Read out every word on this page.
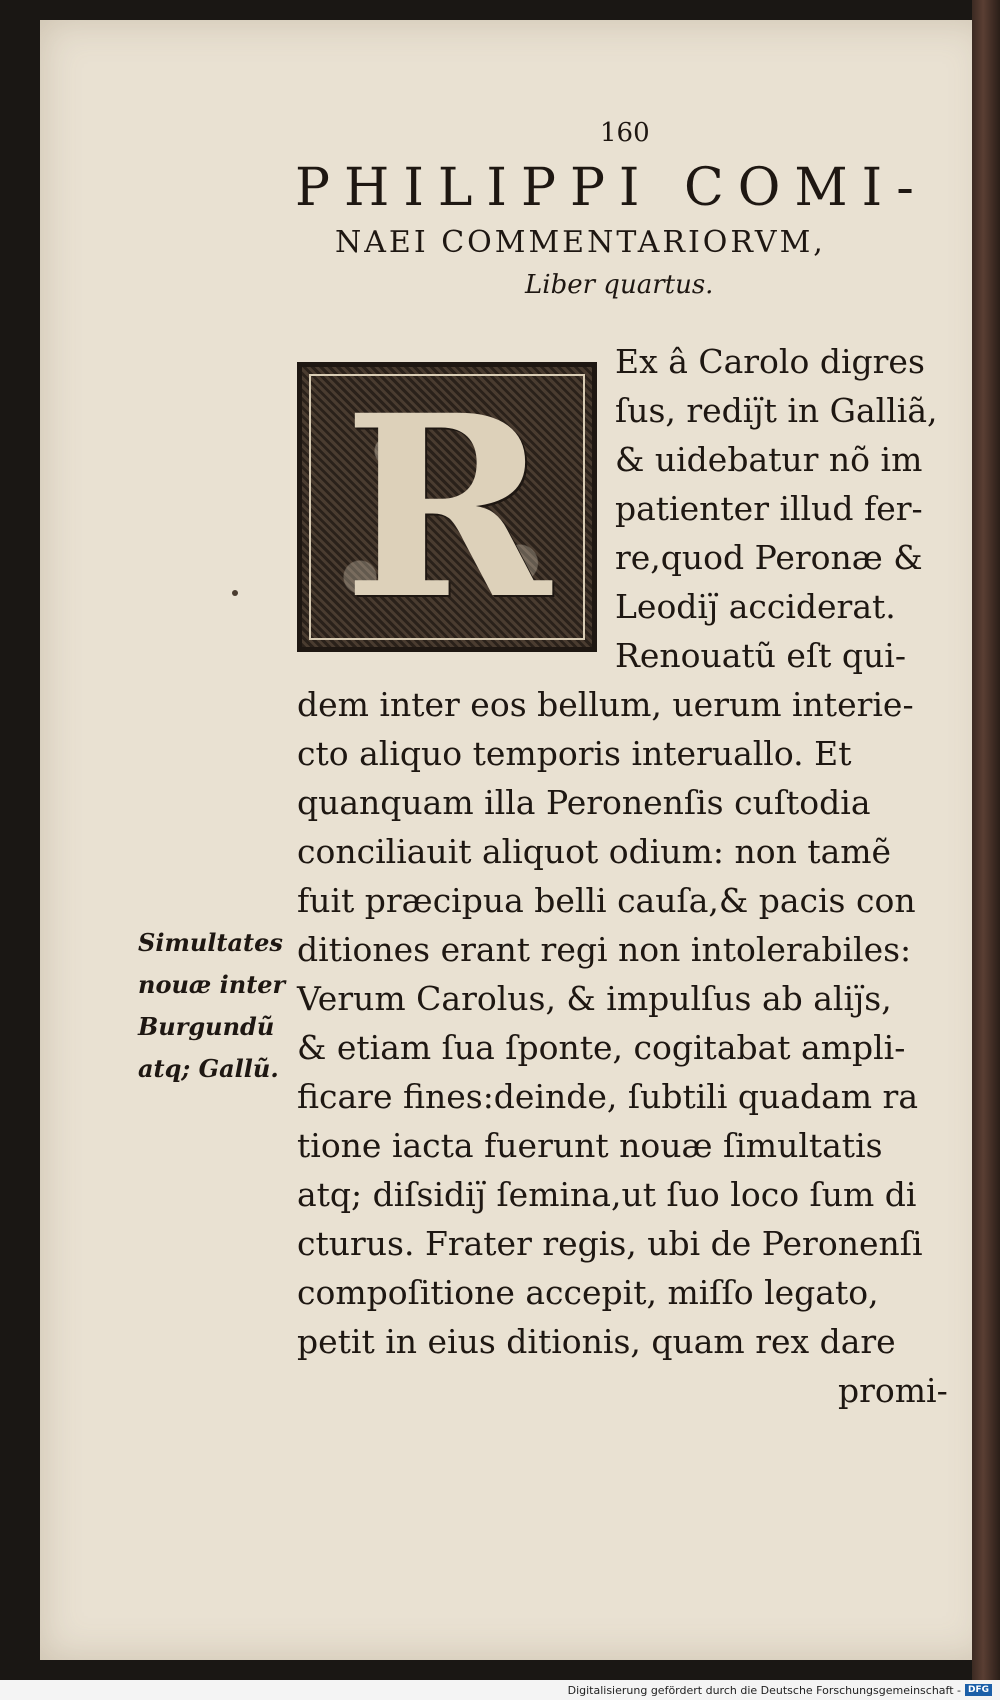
160
PHILIPPI COMI-
NAEI COMMENTARIORVM,
Liber quartus.
R Ex â Carolo digres
ſus, rediȷ̈t in Galliã,
& uidebatur nõ im
patienter illud fer-
re,quod Peronæ &
Leodiȷ̈ acciderat.
Renouatũ eſt qui-
dem inter eos bellum, uerum interie-
cto aliquo temporis interuallo. Et
quanquam illa Peronenſis cuſtodia
conciliauit aliquot odium: non tamẽ
fuit præcipua belli cauſa,& pacis con
ditiones erant regi non intolerabiles:
Verum Carolus, & impulſus ab aliȷ̈s,
& etiam ſua ſponte, cogitabat ampli-
ficare fines:deinde, ſubtili quadam ra
tione iacta fuerunt nouæ ſimultatis
atq; diſsidiȷ̈ ſemina,ut ſuo loco ſum di
cturus. Frater regis, ubi de Peronenſi
compoſitione accepit, miſſo legato,
petit in eius ditionis, quam rex dare
promi-
Simultates
nouæ inter
Burgundũ
atq; Gallũ.
Digitalisierung gefördert durch die Deutsche Forschungsgemeinschaft - DFG
